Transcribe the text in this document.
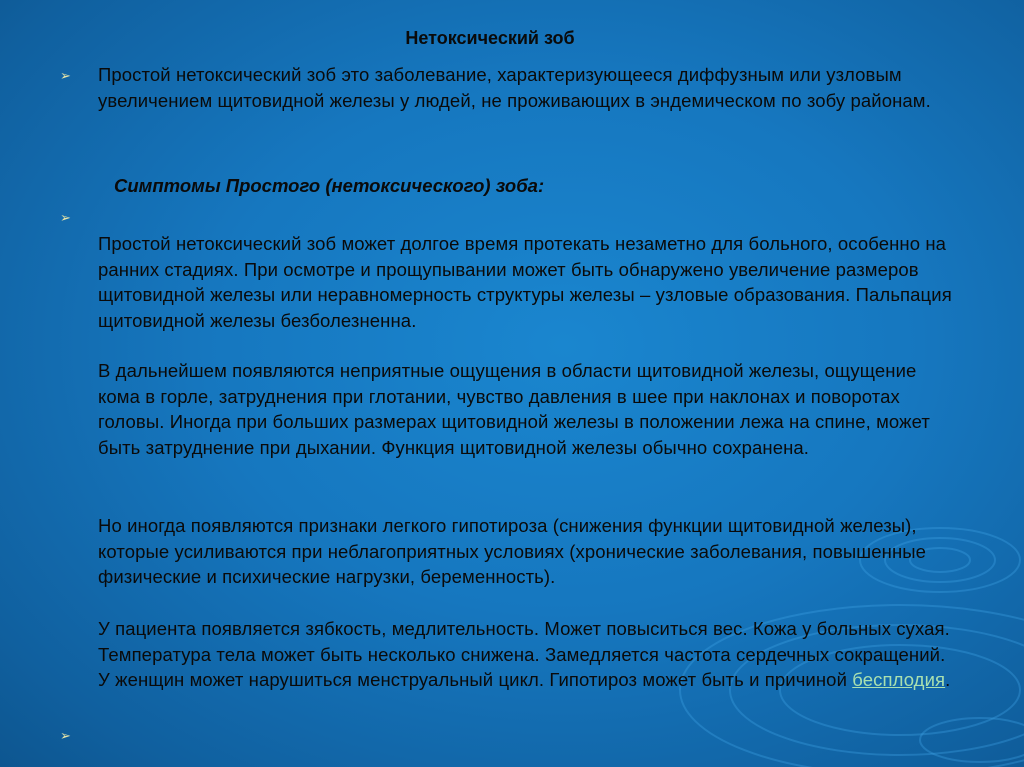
Нетоксический зоб
➢ Простой нетоксический зоб это заболевание, характеризующееся диффузным или узловым увеличением щитовидной железы у людей, не проживающих в эндемическом по зобу районам.
Симптомы Простого (нетоксического) зоба:
➢
Простой нетоксический зоб может долгое время протекать незаметно для больного, особенно на ранних стадиях. При осмотре и прощупывании может быть обнаружено увеличение размеров щитовидной железы или неравномерность структуры железы – узловые образования. Пальпация щитовидной железы безболезненна.
В дальнейшем появляются неприятные ощущения в области щитовидной железы, ощущение кома в горле, затруднения при глотании, чувство давления в шее при наклонах и поворотах головы. Иногда при больших размерах щитовидной железы в положении лежа на спине, может быть затруднение при дыхании. Функция щитовидной железы обычно сохранена.
Но иногда появляются признаки легкого гипотироза (снижения функции щитовидной железы), которые усиливаются при неблагоприятных условиях (хронические заболевания, повышенные физические и психические нагрузки, беременность).
У пациента появляется зябкость, медлительность. Может повыситься вес. Кожа у больных сухая. Температура тела может быть несколько снижена. Замедляется частота сердечных сокращений. У женщин может нарушиться менструальный цикл. Гипотироз может быть и причиной бесплодия.
➢
